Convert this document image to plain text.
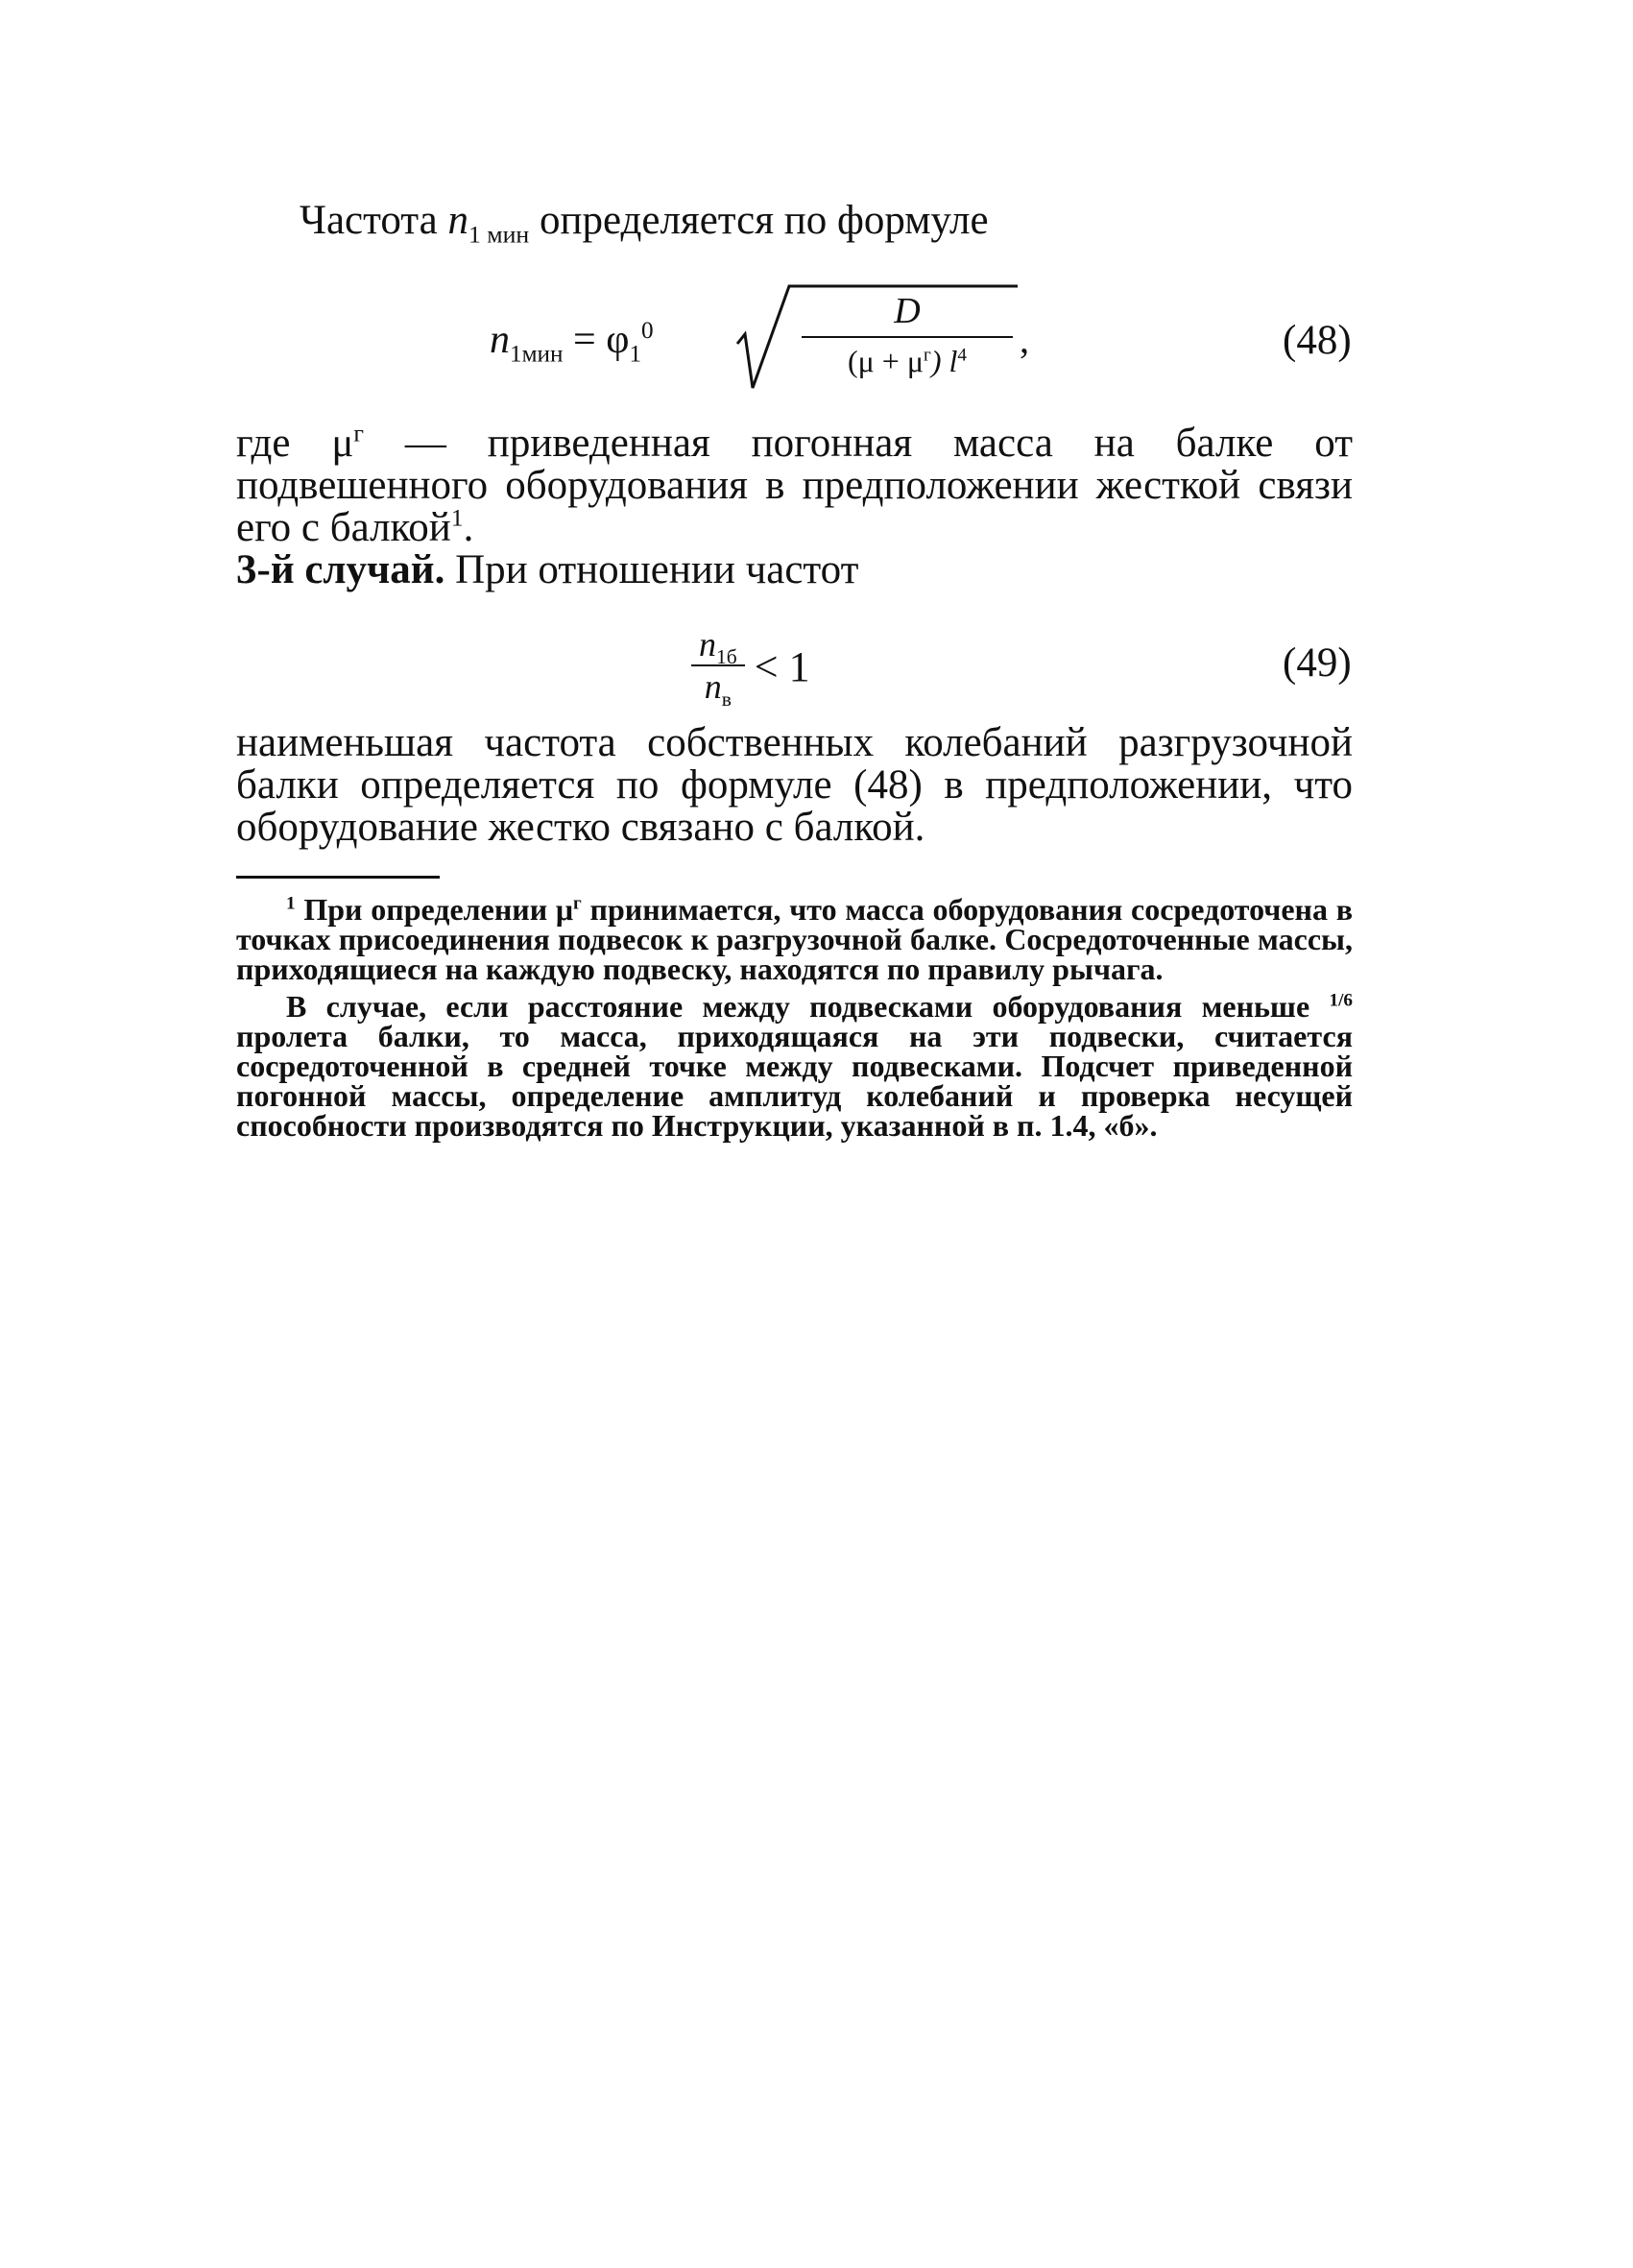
Частота $n_{1 мин}$ определяется по формуле

$n_{1мин} = \varphi_1^0$	D
$(\mu + \mu^г)$ $l^4$	,	(48)

где $\mu^г$ — приведенная погонная масса на балке от подвешенного оборудования в предположении жесткой связи его с балкой$^1$.

3-й случай. При отношении частот

$\frac{n_{1б}}{n_в} < 1$	(49)

наименьшая частота собственных колебаний разгрузочной балки определяется по формуле (48) в предположении, что оборудование жестко связано с балкой.

$^1$ При определении $\mu^г$ принимается, что масса оборудования сосредоточена в точках присоединения подвесок к разгрузочной балке. Сосредоточенные массы, приходящиеся на каждую подвеску, находятся по правилу рычага.

В случае, если расстояние между подвесками оборудования меньше $^{1/6}$ пролета балки, то масса, приходящаяся на эти подвески, считается сосредоточенной в средней точке между подвесками. Подсчет приведенной погонной массы, определение амплитуд колебаний и проверка несущей способности производятся по Инструкции, указанной в п. 1.4, «б».
